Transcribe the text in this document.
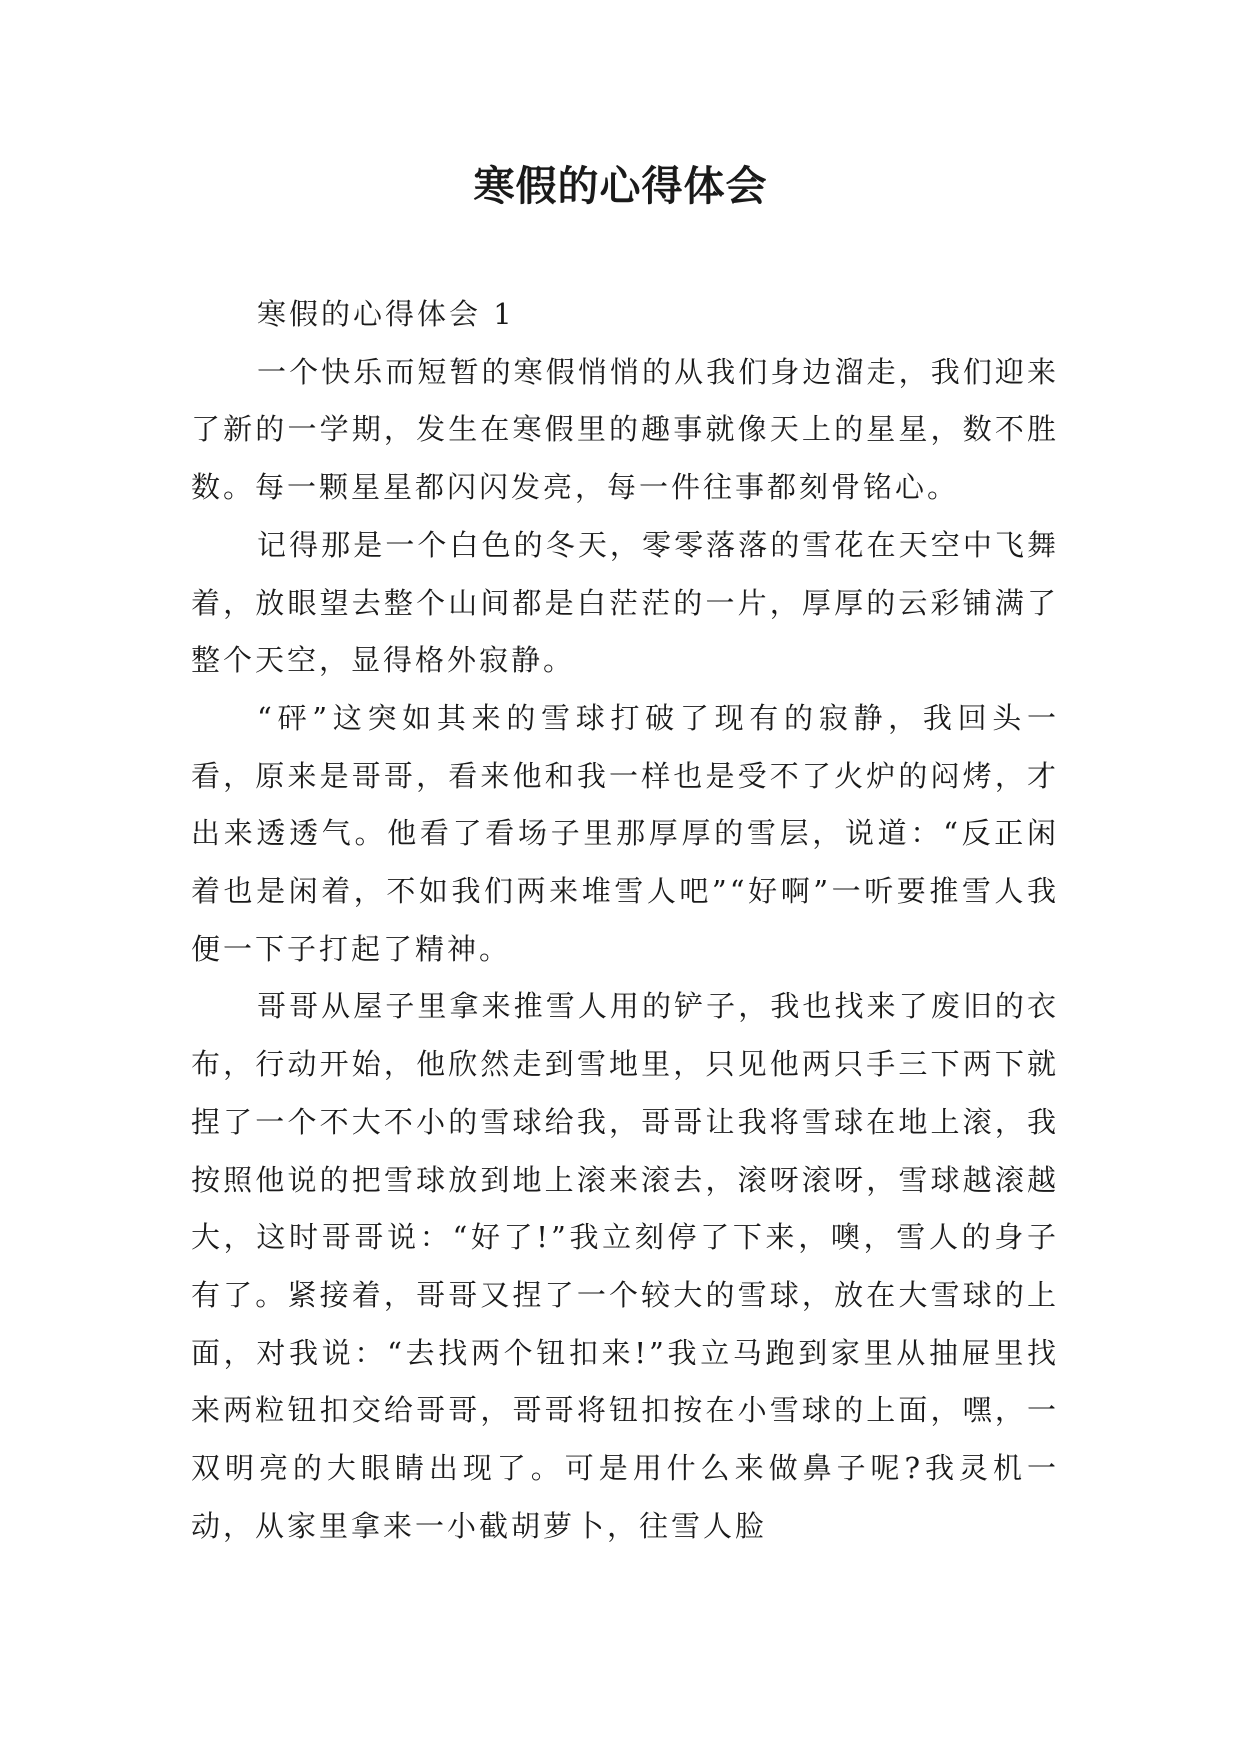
寒假的心得体会

寒假的心得体会 1

一个快乐而短暂的寒假悄悄的从我们身边溜走，我们迎来了新的一学期，发生在寒假里的趣事就像天上的星星，数不胜数。每一颗星星都闪闪发亮，每一件往事都刻骨铭心。

记得那是一个白色的冬天，零零落落的雪花在天空中飞舞着，放眼望去整个山间都是白茫茫的一片，厚厚的云彩铺满了整个天空，显得格外寂静。

“砰”这突如其来的雪球打破了现有的寂静，我回头一看，原来是哥哥，看来他和我一样也是受不了火炉的闷烤，才出来透透气。他看了看场子里那厚厚的雪层，说道：“反正闲着也是闲着，不如我们两来堆雪人吧”“好啊”一听要推雪人我便一下子打起了精神。

哥哥从屋子里拿来推雪人用的铲子，我也找来了废旧的衣布，行动开始，他欣然走到雪地里，只见他两只手三下两下就捏了一个不大不小的雪球给我，哥哥让我将雪球在地上滚，我按照他说的把雪球放到地上滚来滚去，滚呀滚呀，雪球越滚越大，这时哥哥说：“好了!”我立刻停了下来，噢，雪人的身子有了。紧接着，哥哥又捏了一个较大的雪球，放在大雪球的上面，对我说：“去找两个钮扣来!”我立马跑到家里从抽屉里找来两粒钮扣交给哥哥，哥哥将钮扣按在小雪球的上面，嘿，一双明亮的大眼睛出现了。可是用什么来做鼻子呢?我灵机一动，从家里拿来一小截胡萝卜，往雪人脸
